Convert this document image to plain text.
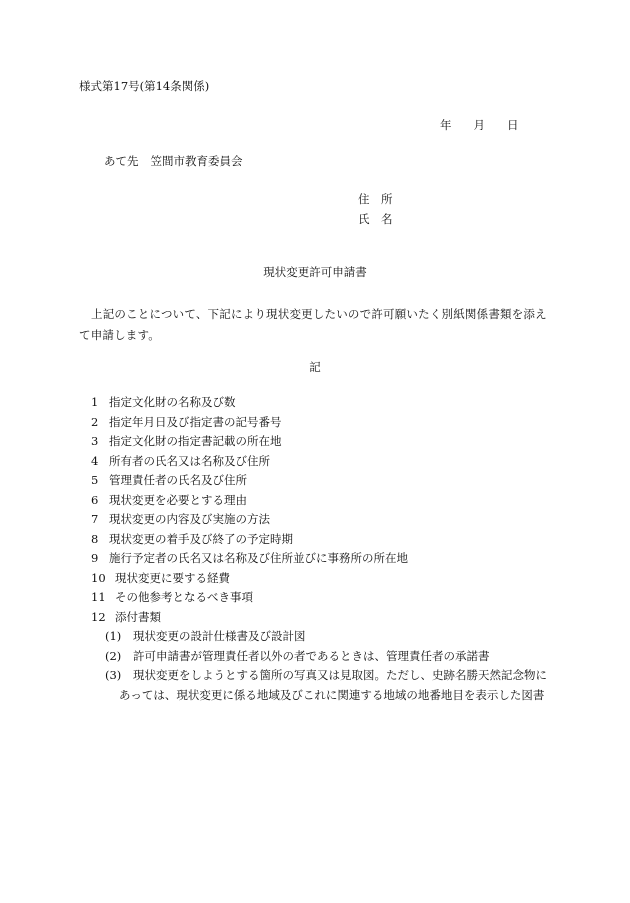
様式第17号(第14条関係)
年 月 日
あて先 笠間市教育委員会
住 所
氏 名
現状変更許可申請書
上記のことについて、下記により現状変更したいので許可願いたく別紙関係書類を添えて申請します。
記
1 指定文化財の名称及び数
2 指定年月日及び指定書の記号番号
3 指定文化財の指定書記載の所在地
4 所有者の氏名又は名称及び住所
5 管理責任者の氏名及び住所
6 現状変更を必要とする理由
7 現状変更の内容及び実施の方法
8 現状変更の着手及び終了の予定時期
9 施行予定者の氏名又は名称及び住所並びに事務所の所在地
10 現状変更に要する経費
11 その他参考となるべき事項
12 添付書類
(1) 現状変更の設計仕様書及び設計図
(2) 許可申請書が管理責任者以外の者であるときは、管理責任者の承諾書
(3) 現状変更をしようとする箇所の写真又は見取図。ただし、史跡名勝天然記念物に
あっては、現状変更に係る地域及びこれに関連する地域の地番地目を表示した図書
